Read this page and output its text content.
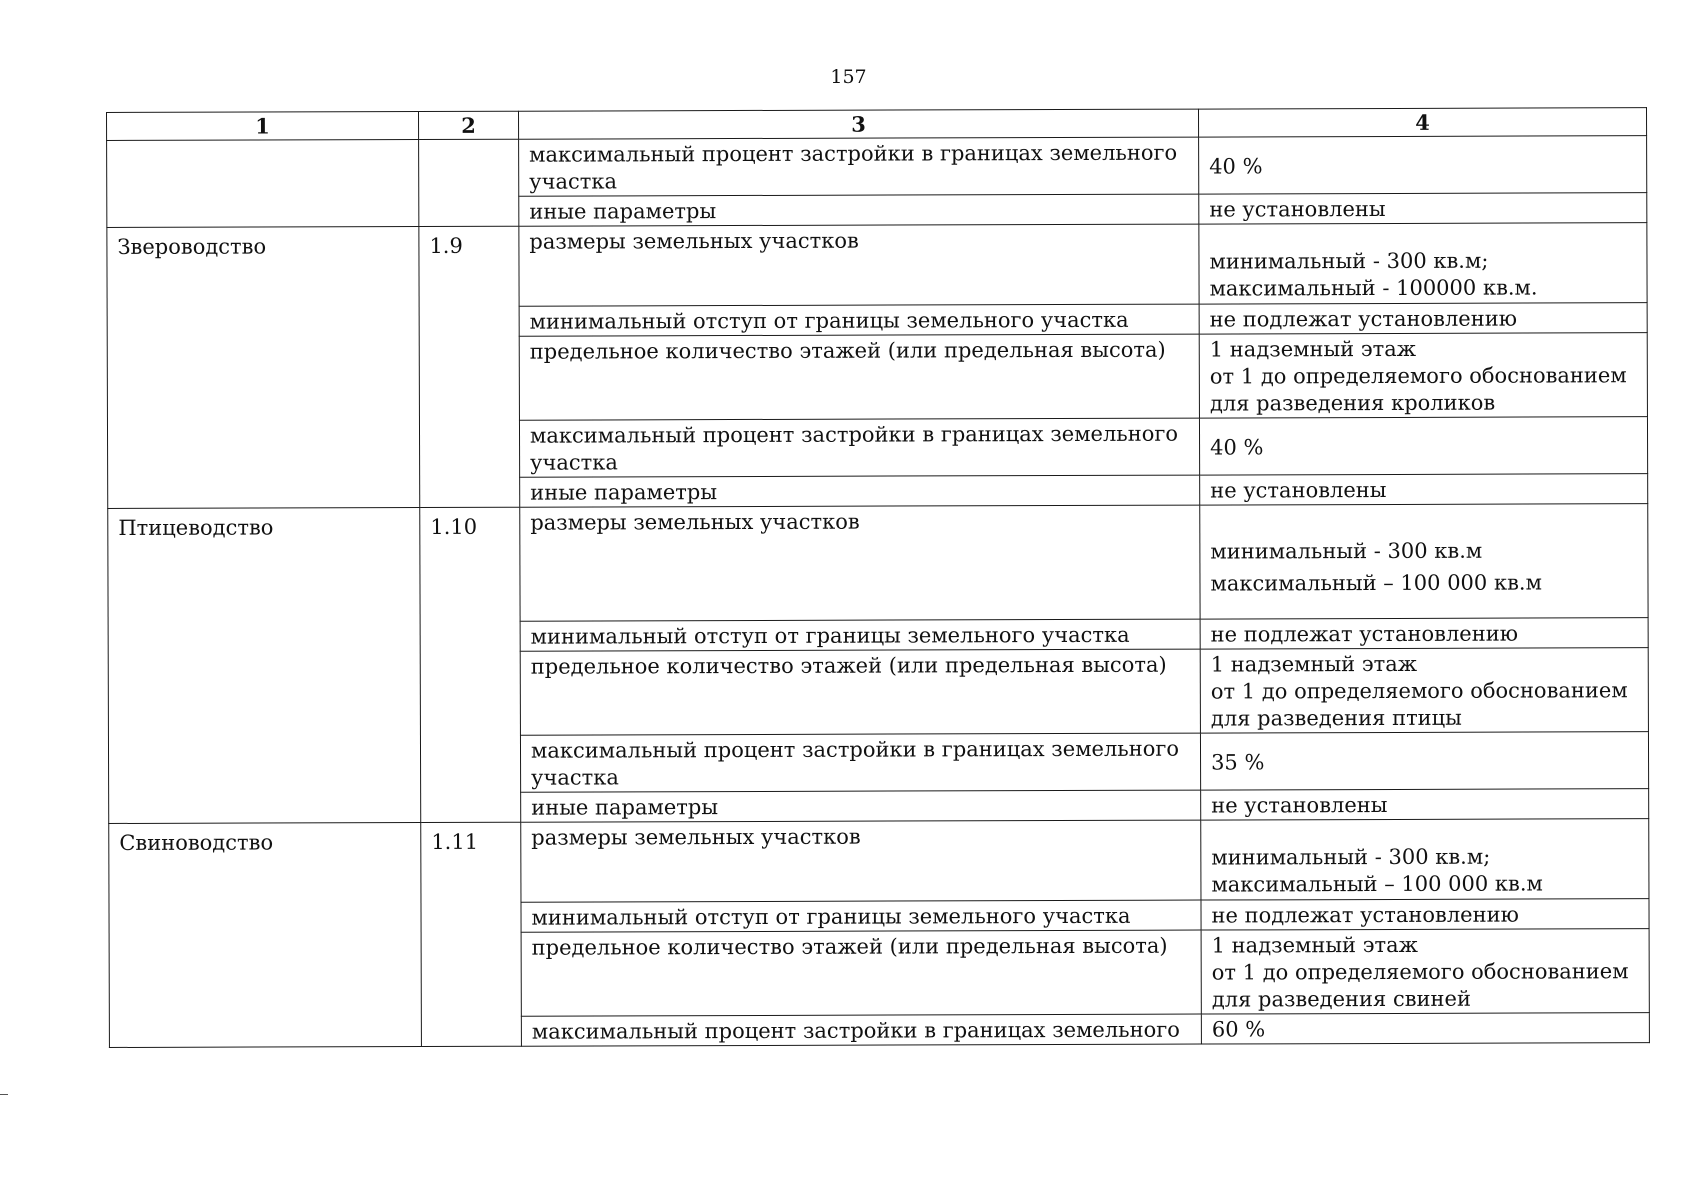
157
1	2	3	4
		максимальный процент застройки в границах земельного участка	40 %
		иные параметры	не установлены
Звероводство	1.9	размеры земельных участков	минимальный - 300 кв.м;
максимальный - 100000 кв.м.

		минимальный отступ от границы земельного участка	не подлежат установлению
		предельное количество этажей (или предельная высота)	1 надземный этаж
от 1 до определяемого обоснованием
для разведения кроликов

		максимальный процент застройки в границах земельного участка	40 %
		иные параметры	не установлены
Птицеводство	1.10	размеры земельных участков	минимальный - 300 кв.м
максимальный – 100 000 кв.м

		минимальный отступ от границы земельного участка	не подлежат установлению
		предельное количество этажей (или предельная высота)	1 надземный этаж
от 1 до определяемого обоснованием
для разведения птицы

		максимальный процент застройки в границах земельного участка	35 %
		иные параметры	не установлены
Свиноводство	1.11	размеры земельных участков	минимальный - 300 кв.м;
максимальный – 100 000 кв.м

		минимальный отступ от границы земельного участка	не подлежат установлению
		предельное количество этажей (или предельная высота)	1 надземный этаж
от 1 до определяемого обоснованием
для разведения свиней

		максимальный процент застройки в границах земельного	60 %
